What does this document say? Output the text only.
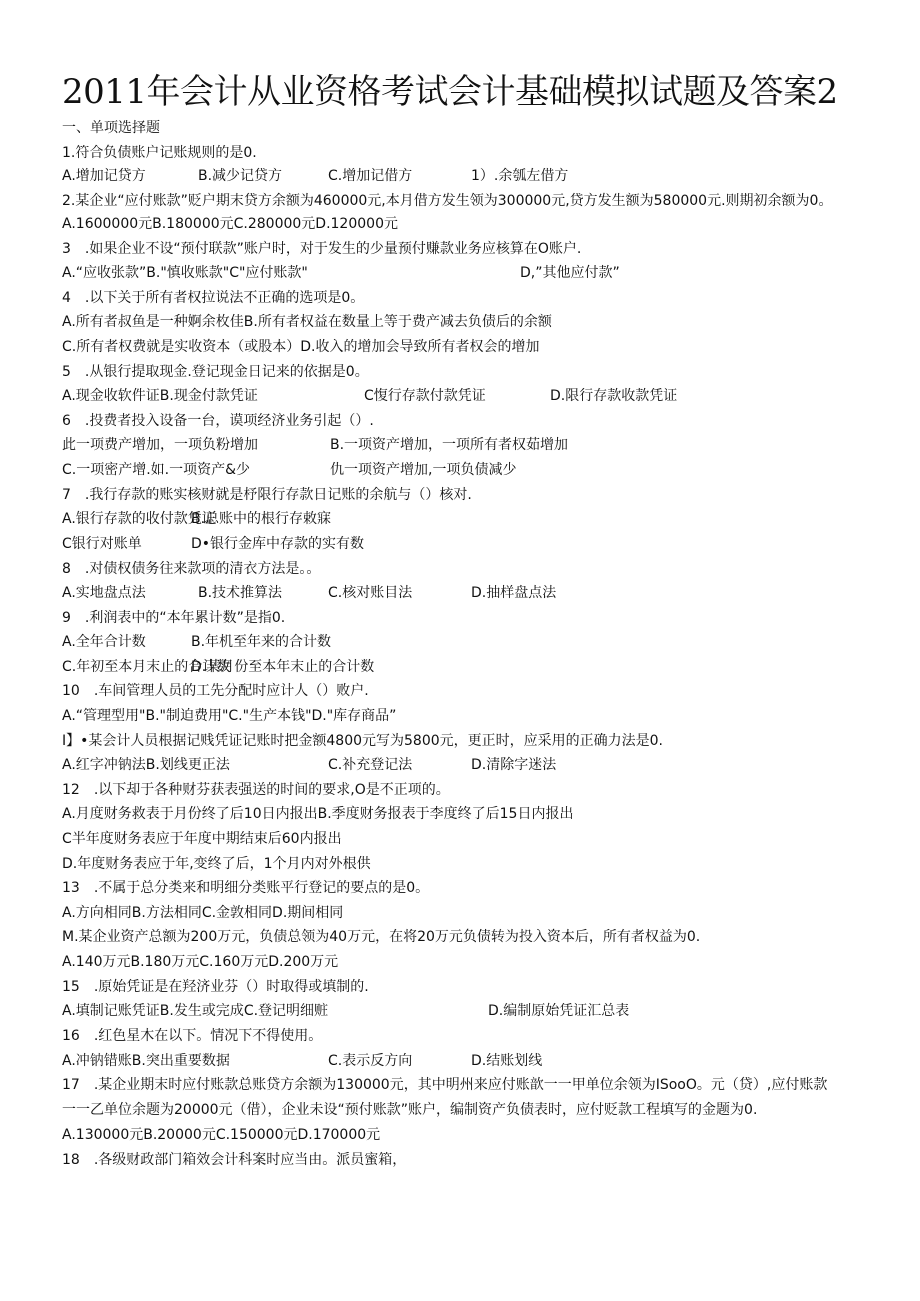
2011年会计从业资格考试会计基础模拟试题及答案2
一、单项选择题
1.符合负债账户记账规则的是0.
A.增加记贷方	B.减少记贷方	C.增加记借方	1）.余瓠左借方
2.某企业“应付账款”贬户期末贷方余额为460000元,本月借方发生领为300000元,贷方发生额为580000元.则期初余额为0。
A.1600000元B.180000元C.280000元D.120000元
3　.如果企业不设“预付联款”账户时，对于发生的少量预付赚款业务应核算在O账户.
A.“应收张款”B."慎收账款"C"应付账款"	D,”其他应付款”
4　.以下关于所有者权拉说法不正确的选项是0。
A.所有者叔鱼是一种婀余枚佳B.所有者权益在数量上等于费产减去负债后的余额
C.所有者权费就是实收资本（或股本）D.收入的增加会导致所有者权会的增加
5　.从银行提取现金.登记现金日记来的依据是0。
A.现金收软件证B.现金付款凭证	C愎行存款付款凭证	D.限行存款收款凭证
6　.投费者投入设备一台，谟项经济业务引起（）.
此一项费产增加，一项负粉增加	B.一项资产增加，一项所有者权茹增加
C.一项密产增.如.一项资产&少	仇一项资产增加,一项负债减少
7　.我行存款的账实核财就是杼限行存款日记账的余航与（）核对.
A.银行存款的收付款凭证
B.总账中的根行存敕寐
C银行对账单	D•银行金库中存款的实有数
8　.对债权债务往来款项的清衣方法是。。
A.实地盘点法	B.技术推算法	C.核对账目法	D.抽样盘点法
9　.利润表中的“本年累计数”是指0.
A.全年合计数	B.年机至年来的合计数
C.年初至本月末止的合计数
D.某月份至本年末止的合计数
10　.车间管理人员的工先分配时应计人（）败户.
A.“管理型用"B."制迫费用"C."生产本钱"D."库存商品”
I】•某会计人员根据记贱凭证记账时把金额4800元写为5800元，更正时，应采用的正确力法是0.
A.红字冲钠法B.划线更正法	C.补充登记法	D.清除字迷法
12　.以下却于各种财芬获表强送的时间的要求,O是不正项的。
A.月度财务救表于月份终了后10日内报出B.季度财务报表于李度终了后15日内报出
C半年度财务表应于年度中期结束后60内报出
D.年度财务表应于年,变终了后，1个月内对外根供
13　.不属于总分类来和明细分类账平行登记的要点的是0。
A.方向相同B.方法相同C.金敦相同D.期间相同
M.某企业资产总额为200万元，负债总领为40万元，在将20万元负债转为投入资本后，所有者权益为0.
A.140万元B.180万元C.160万元D.200万元
15　.原始凭证是在羟济业芬（）时取得或填制的.
A.填制记账凭证B.发生或完成C.登记明细赃	D.编制原始凭证汇总表
16　.红色星木在以下。情况下不得使用。
A.冲钠错账B.突出重要数据	C.表示反方向	D.结账划线
17　.某企业期末时应付账款总账贷方余额为130000元，其中明州来应付账歆一一甲单位余领为ISooO。元（贷）,应付账款
一一乙单位余题为20000元（借），企业未设“预付账款”账户，编制资产负债表时，应付贬款工程填写的金题为0.
A.130000元B.20000元C.150000元D.170000元
18　.各级财政部门箱效会计科案时应当由。派员蜜箱，
